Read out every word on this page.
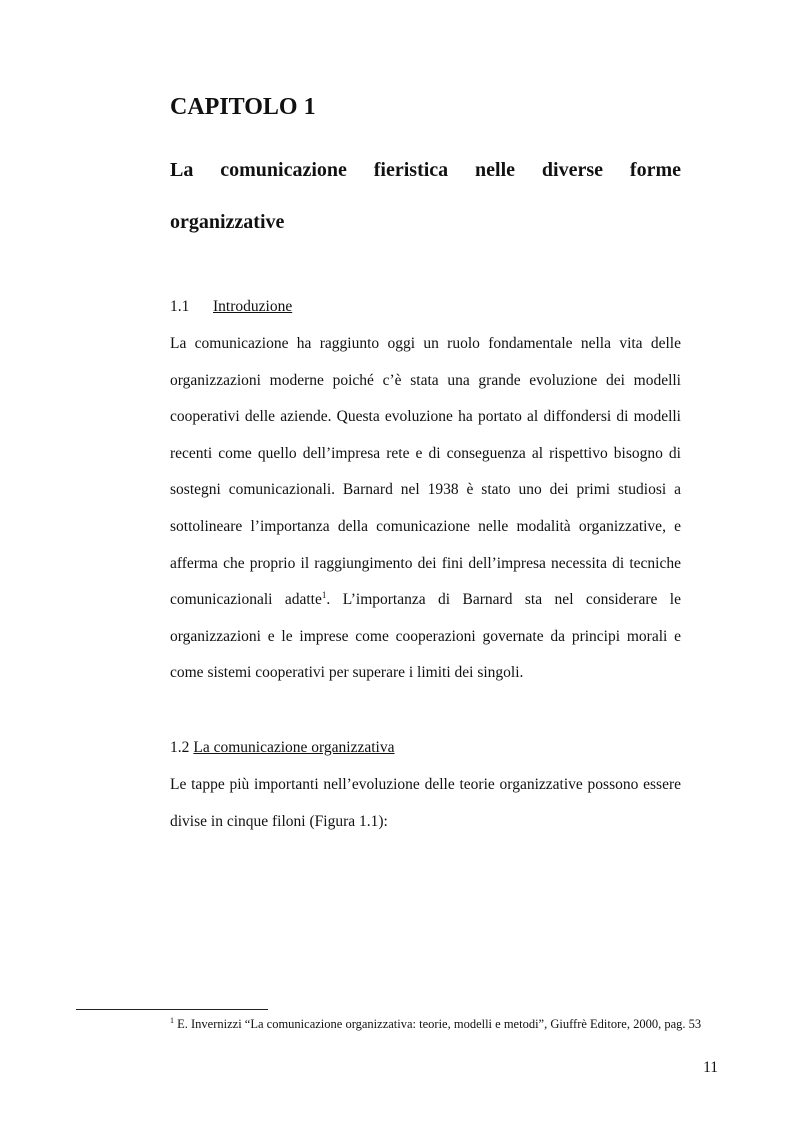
CAPITOLO 1
La comunicazione fieristica nelle diverse forme organizzative
1.1 Introduzione

La comunicazione ha raggiunto oggi un ruolo fondamentale nella vita delle organizzazioni moderne poiché c’è stata una grande evoluzione dei modelli cooperativi delle aziende. Questa evoluzione ha portato al diffondersi di modelli recenti come quello dell’impresa rete e di conseguenza al rispettivo bisogno di sostegni comunicazionali. Barnard nel 1938 è stato uno dei primi studiosi a sottolineare l’importanza della comunicazione nelle modalità organizzative, e afferma che proprio il raggiungimento dei fini dell’impresa necessita di tecniche comunicazionali adatte$^1$. L’importanza di Barnard sta nel considerare le organizzazioni e le imprese come cooperazioni governate da principi morali e come sistemi cooperativi per superare i limiti dei singoli.

1.2 La comunicazione organizzativa

Le tappe più importanti nell’evoluzione delle teorie organizzative possono essere divise in cinque filoni (Figura 1.1):

$^1$ E. Invernizzi “La comunicazione organizzativa: teorie, modelli e metodi”, Giuffrè Editore, 2000, pag. 53

11
